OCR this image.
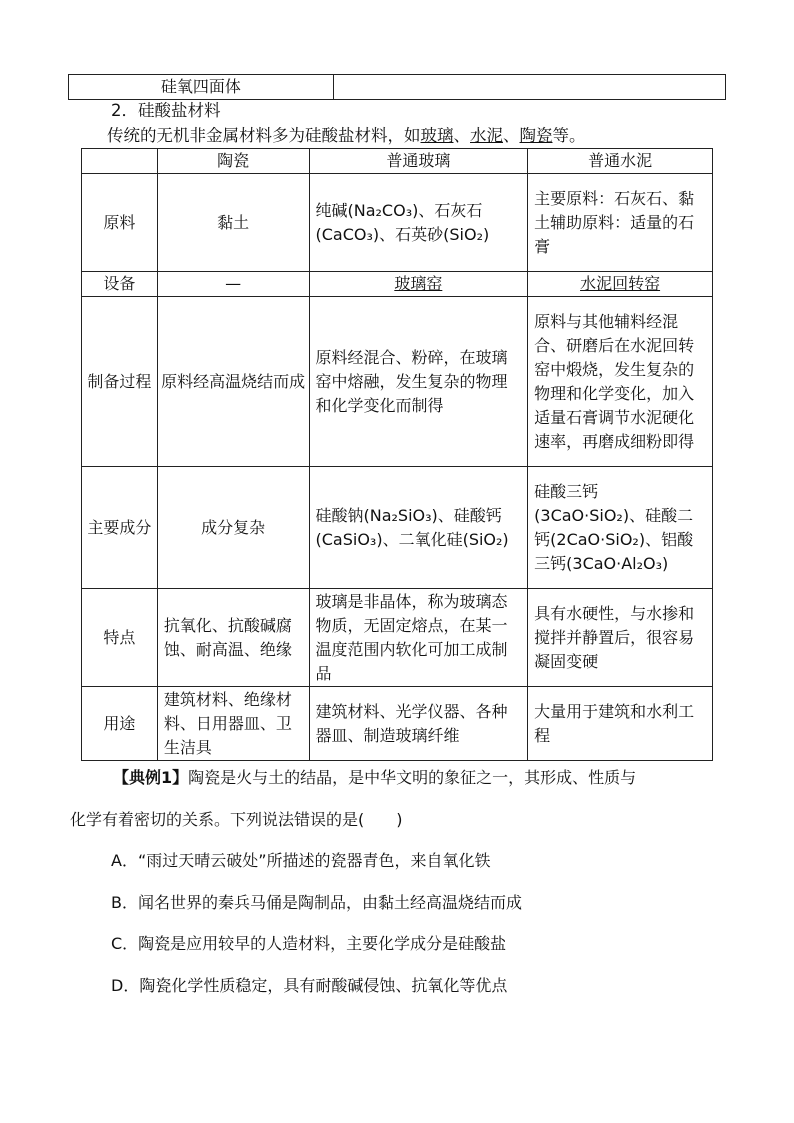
硅氧四面体	
2．硅酸盐材料
传统的无机非金属材料多为硅酸盐材料，如玻璃、水泥、陶瓷等。
	陶瓷	普通玻璃	普通水泥
原料	黏土	纯碱(Na₂CO₃)、石灰石(CaCO₃)、石英砂(SiO₂)	主要原料：石灰石、黏土辅助原料：适量的石膏
设备	—	玻璃窑	水泥回转窑
制备过程	原料经高温烧结而成	原料经混合、粉碎，在玻璃窑中熔融，发生复杂的物理和化学变化而制得	原料与其他辅料经混合、研磨后在水泥回转窑中煅烧，发生复杂的物理和化学变化，加入适量石膏调节水泥硬化速率，再磨成细粉即得
主要成分	成分复杂	硅酸钠(Na₂SiO₃)、硅酸钙(CaSiO₃)、二氧化硅(SiO₂)	硅酸三钙(3CaO·SiO₂)、硅酸二钙(2CaO·SiO₂)、铝酸三钙(3CaO·Al₂O₃)
特点	抗氧化、抗酸碱腐蚀、耐高温、绝缘	玻璃是非晶体，称为玻璃态物质，无固定熔点，在某一温度范围内软化可加工成制品	具有水硬性，与水掺和搅拌并静置后，很容易凝固变硬
用途	建筑材料、绝缘材料、日用器皿、卫生洁具	建筑材料、光学仪器、各种器皿、制造玻璃纤维	大量用于建筑和水利工程
【典例1】陶瓷是火与土的结晶，是中华文明的象征之一，其形成、性质与
化学有着密切的关系。下列说法错误的是(　　)
A．“雨过天晴云破处”所描述的瓷器青色，来自氧化铁
B．闻名世界的秦兵马俑是陶制品，由黏土经高温烧结而成
C．陶瓷是应用较早的人造材料，主要化学成分是硅酸盐
D．陶瓷化学性质稳定，具有耐酸碱侵蚀、抗氧化等优点
